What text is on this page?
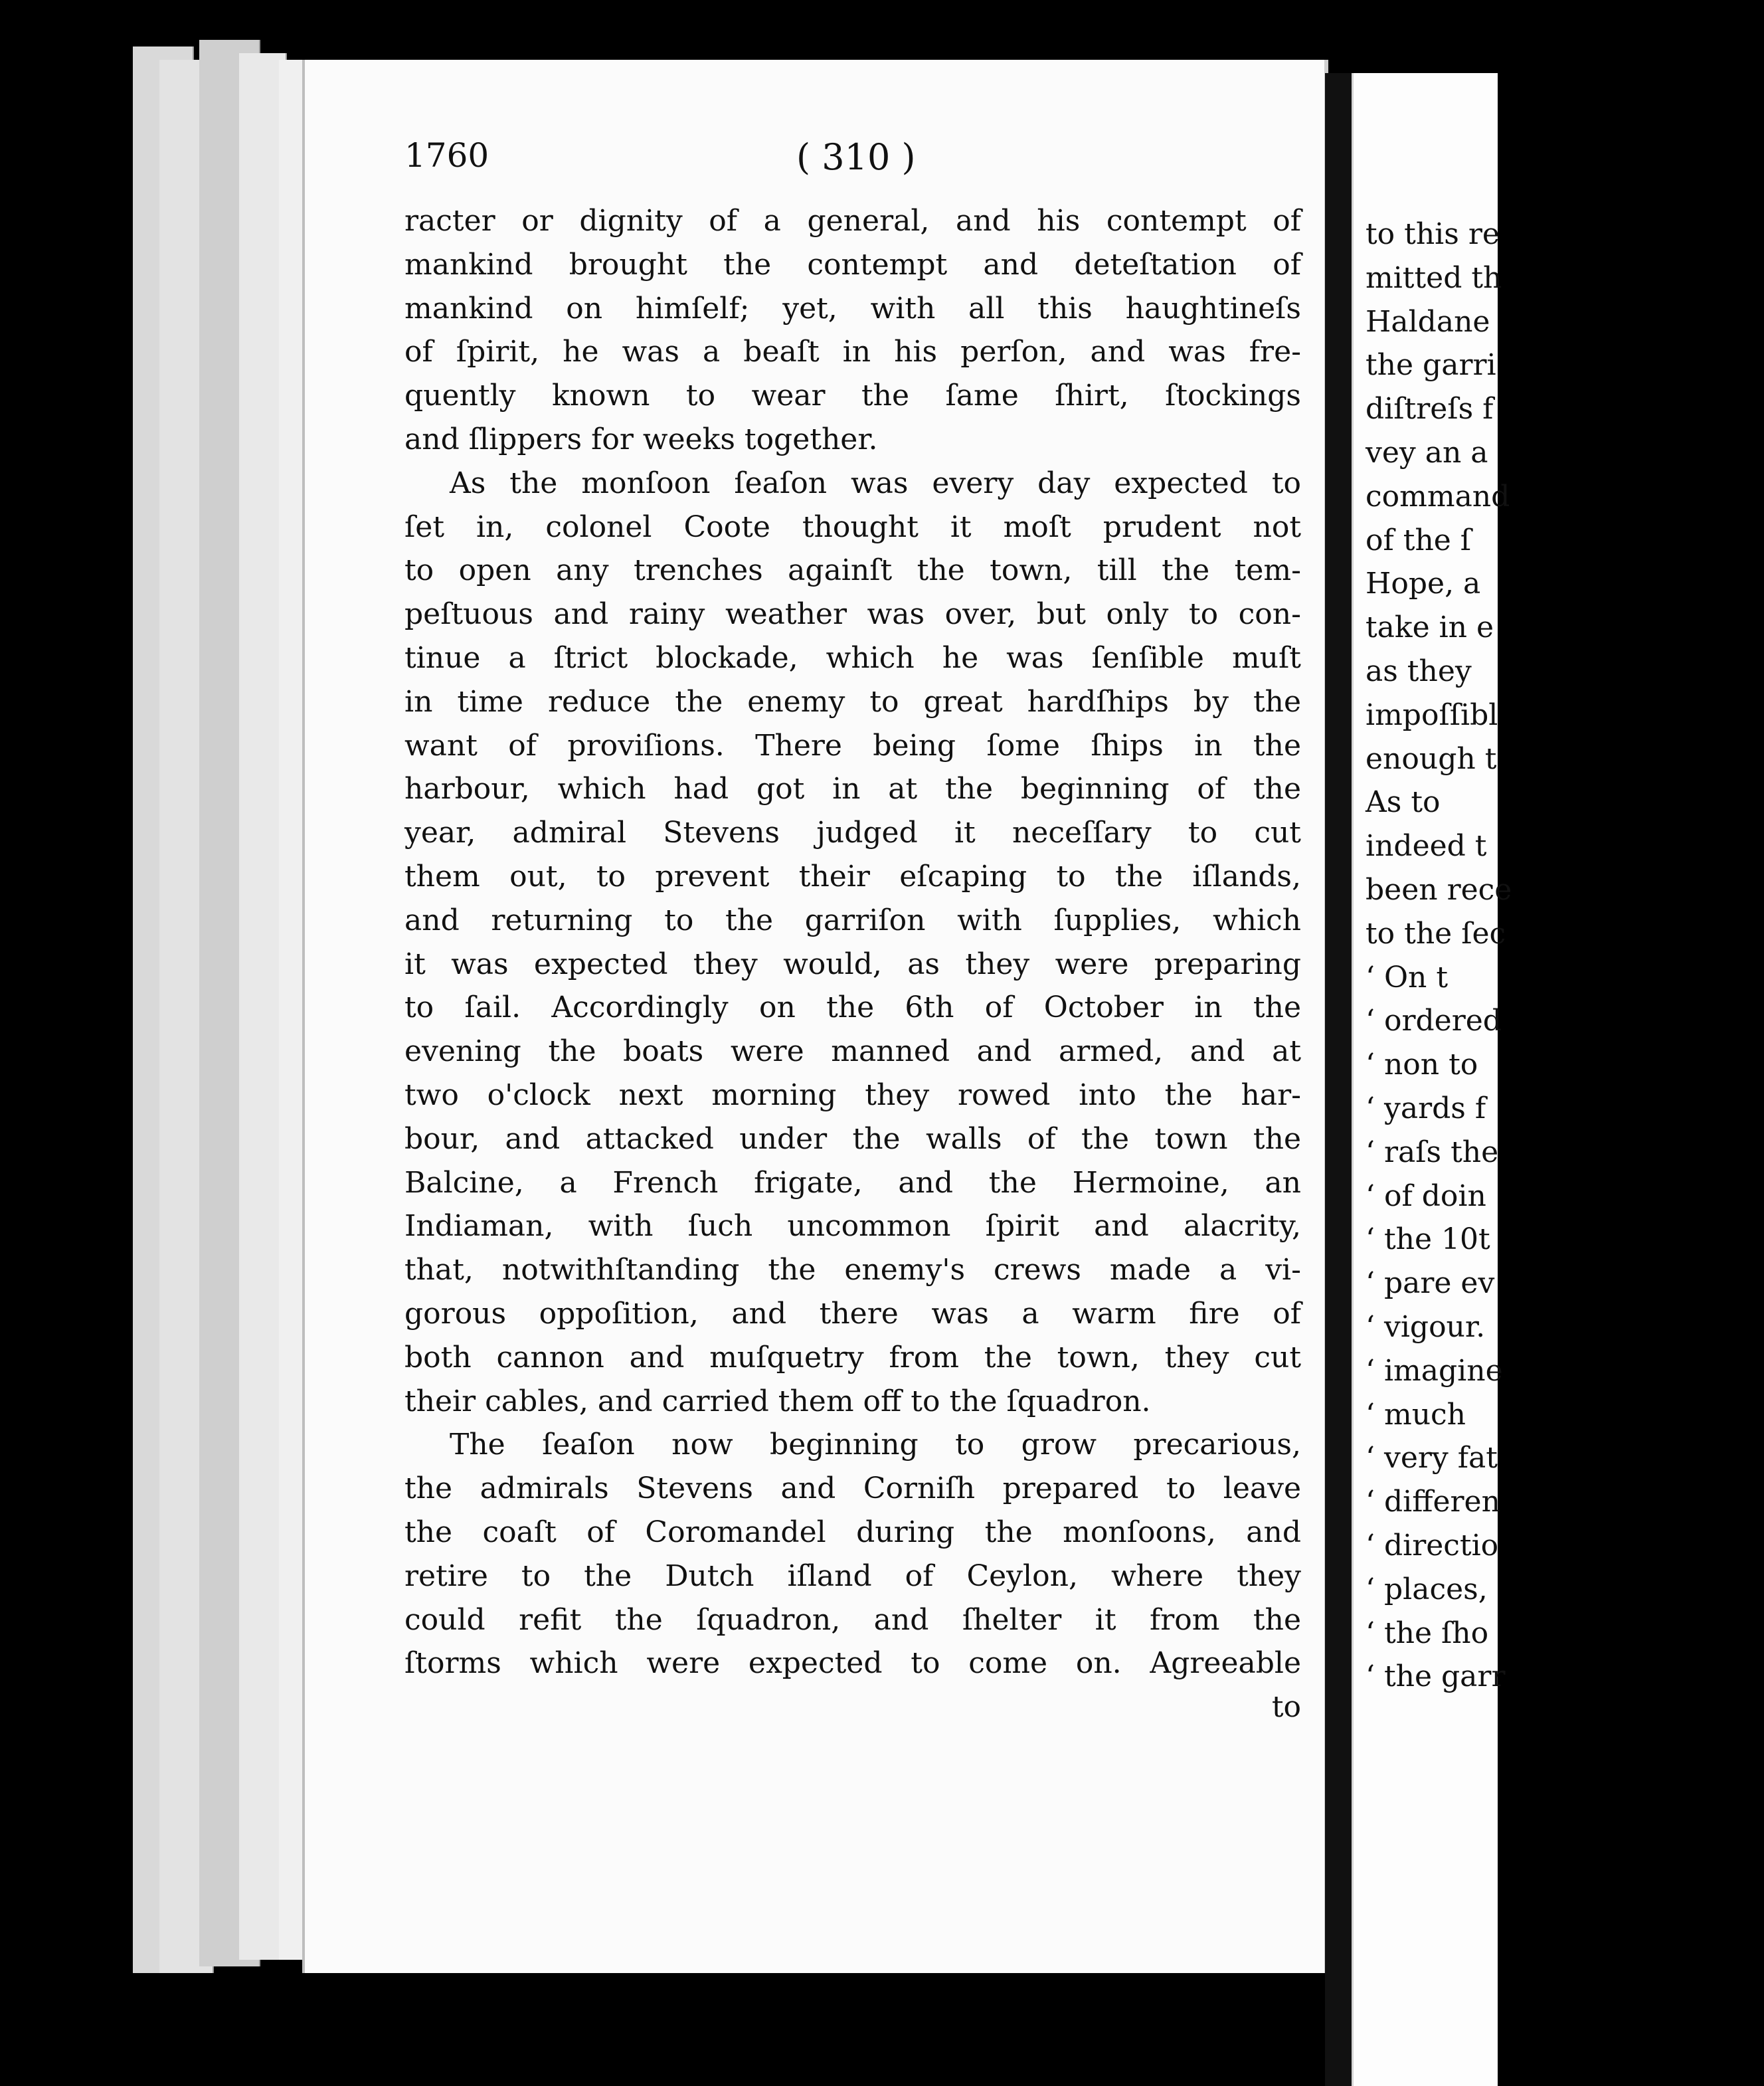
1760	( 310 )
racter or dignity of a general, and his contempt of
mankind brought the contempt and deteſtation of
mankind on himſelf; yet, with all this haughtineſs
of ſpirit, he was a beaſt in his perſon, and was fre-
quently known to wear the ſame ſhirt, ſtockings
and ſlippers for weeks together.
As the monſoon ſeaſon was every day expected to
ſet in, colonel Coote thought it moſt prudent not
to open any trenches againſt the town, till the tem-
peſtuous and rainy weather was over, but only to con-
tinue a ſtrict blockade, which he was ſenſible muſt
in time reduce the enemy to great hardſhips by the
want of proviſions. There being ſome ſhips in the
harbour, which had got in at the beginning of the
year, admiral Stevens judged it neceſſary to cut
them out, to prevent their eſcaping to the iſlands,
and returning to the garriſon with ſupplies, which
it was expected they would, as they were preparing
to ſail. Accordingly on the 6th of October in the
evening the boats were manned and armed, and at
two o'clock next morning they rowed into the har-
bour, and attacked under the walls of the town the
Balcine, a French frigate, and the Hermoine, an
Indiaman, with ſuch uncommon ſpirit and alacrity,
that, notwithſtanding the enemy's crews made a vi-
gorous oppoſition, and there was a warm fire of
both cannon and muſquetry from the town, they cut
their cables, and carried them off to the ſquadron.
The ſeaſon now beginning to grow precarious,
the admirals Stevens and Corniſh prepared to leave
the coaſt of Coromandel during the monſoons, and
retire to the Dutch iſland of Ceylon, where they
could refit the ſquadron, and ſhelter it from the
ſtorms which were expected to come on. Agreeable
to
to this re
mitted th
Haldane
the garri
diſtreſs f
vey an a
command
of the ſ
Hope, a
take in e
as they
impoſſibl
enough t
As to
indeed t
been rece
to the ſec
‘ On t
‘ ordered
‘ non to
‘ yards f
‘ raſs the
‘ of doin
‘ the 10t
‘ pare ev
‘ vigour.
‘ imagine
‘ much
‘ very fat
‘ differen
‘ directio
‘ places,
‘ the ſho
‘ the garr
